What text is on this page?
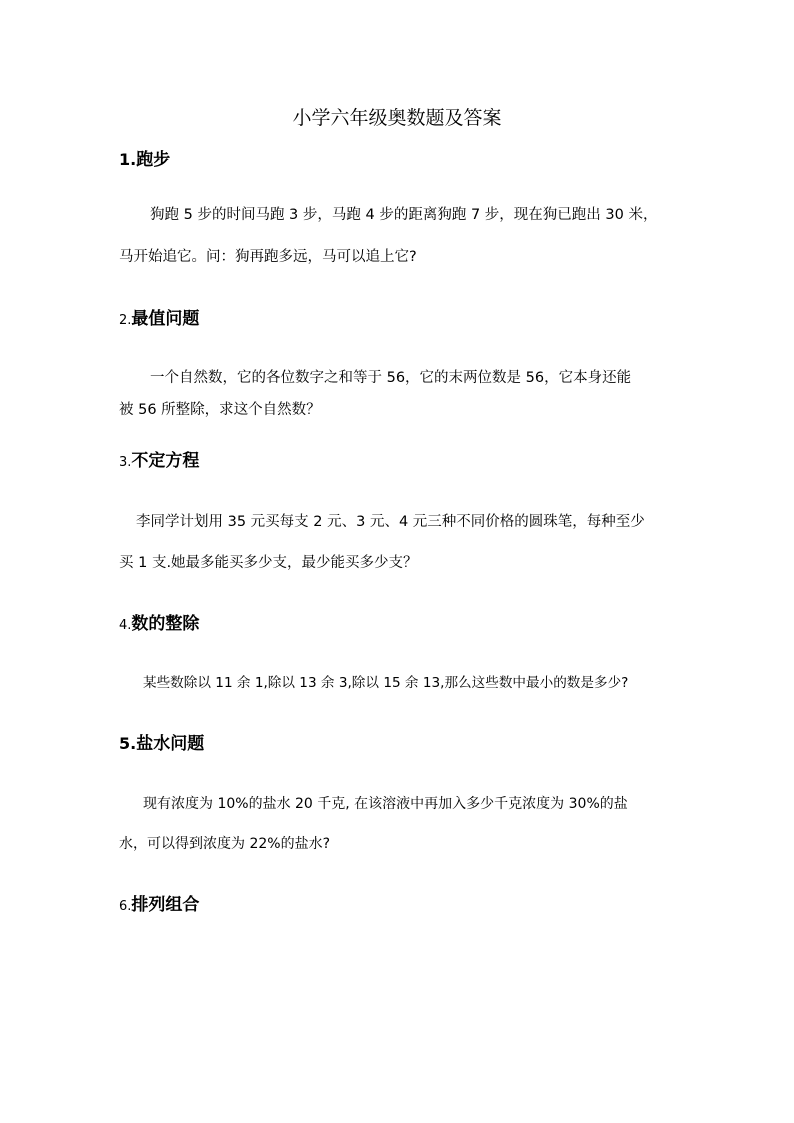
小学六年级奥数题及答案
1.跑步
狗跑 5 步的时间马跑 3 步，马跑 4 步的距离狗跑 7 步，现在狗已跑出 30 米，
马开始追它。问：狗再跑多远，马可以追上它?
2.最值问题
一个自然数，它的各位数字之和等于 56，它的末两位数是 56，它本身还能
被 56 所整除，求这个自然数？
3.不定方程
李同学计划用 35 元买每支 2 元、3 元、4 元三种不同价格的圆珠笔，每种至少
买 1 支.她最多能买多少支，最少能买多少支？
4.数的整除
某些数除以 11 余 1,除以 13 余 3,除以 15 余 13,那么这些数中最小的数是多少?
5.盐水问题
现有浓度为 10%的盐水 20 千克, 在该溶液中再加入多少千克浓度为 30%的盐
水，可以得到浓度为 22%的盐水?
6.排列组合
